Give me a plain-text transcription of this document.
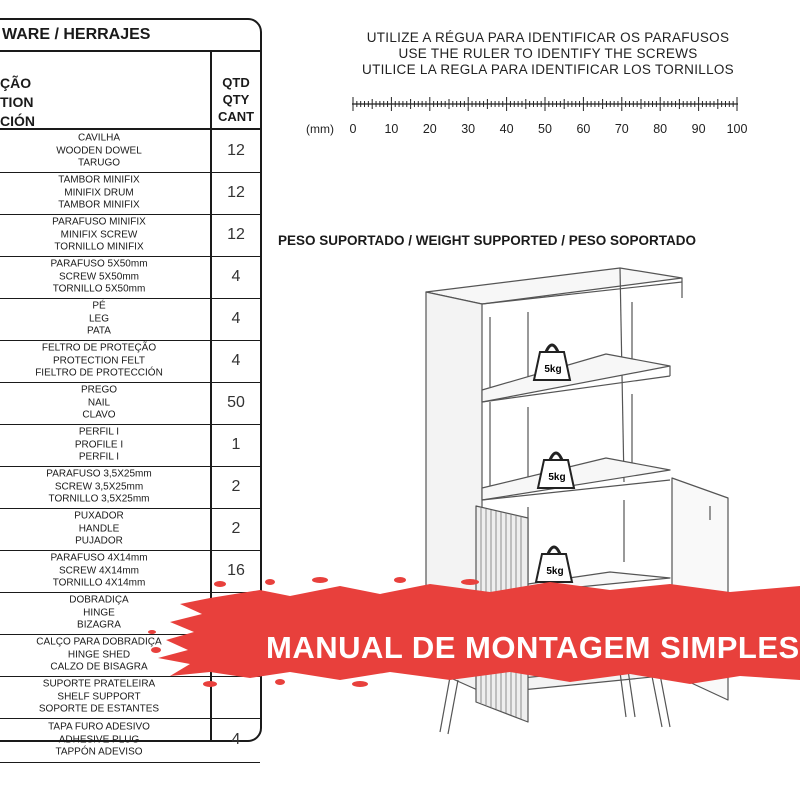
WARE / HERRAJES
ÇÃO
TION
CIÓN
QTD
QTY
CANT
CAVILHA
WOODEN DOWEL
TARUGO
12
TAMBOR MINIFIX
MINIFIX DRUM
TAMBOR MINIFIX
12
PARAFUSO MINIFIX
MINIFIX SCREW
TORNILLO MINIFIX
12
PARAFUSO 5X50mm
SCREW 5X50mm
TORNILLO 5X50mm
4
PÉ
LEG
PATA
4
FELTRO DE PROTEÇÃO
PROTECTION FELT
FIELTRO DE PROTECCIÓN
4
PREGO
NAIL
CLAVO
50
PERFIL I
PROFILE I
PERFIL I
1
PARAFUSO 3,5X25mm
SCREW 3,5X25mm
TORNILLO 3,5X25mm
2
PUXADOR
HANDLE
PUJADOR
2
PARAFUSO 4X14mm
SCREW 4X14mm
TORNILLO 4X14mm
16
DOBRADIÇA
HINGE
BIZAGRA
CALÇO PARA DOBRADIÇA
HINGE SHED
CALZO DE BISAGRA
SUPORTE PRATELEIRA
SHELF SUPPORT
SOPORTE DE ESTANTES
TAPA FURO ADESIVO
ADHESIVE PLUG
TAPPÓN ADEVISO
4
UTILIZE A RÉGUA PARA IDENTIFICAR OS PARAFUSOS
USE THE RULER TO IDENTIFY THE SCREWS
UTILICE LA REGLA PARA IDENTIFICAR LOS TORNILLOS
(mm) 0 10 20 30 40 50 60 70 80 90 100
PESO SUPORTADO / WEIGHT SUPPORTED / PESO SOPORTADO
5kg
5kg
5kg
MANUAL DE MONTAGEM SIMPLES
